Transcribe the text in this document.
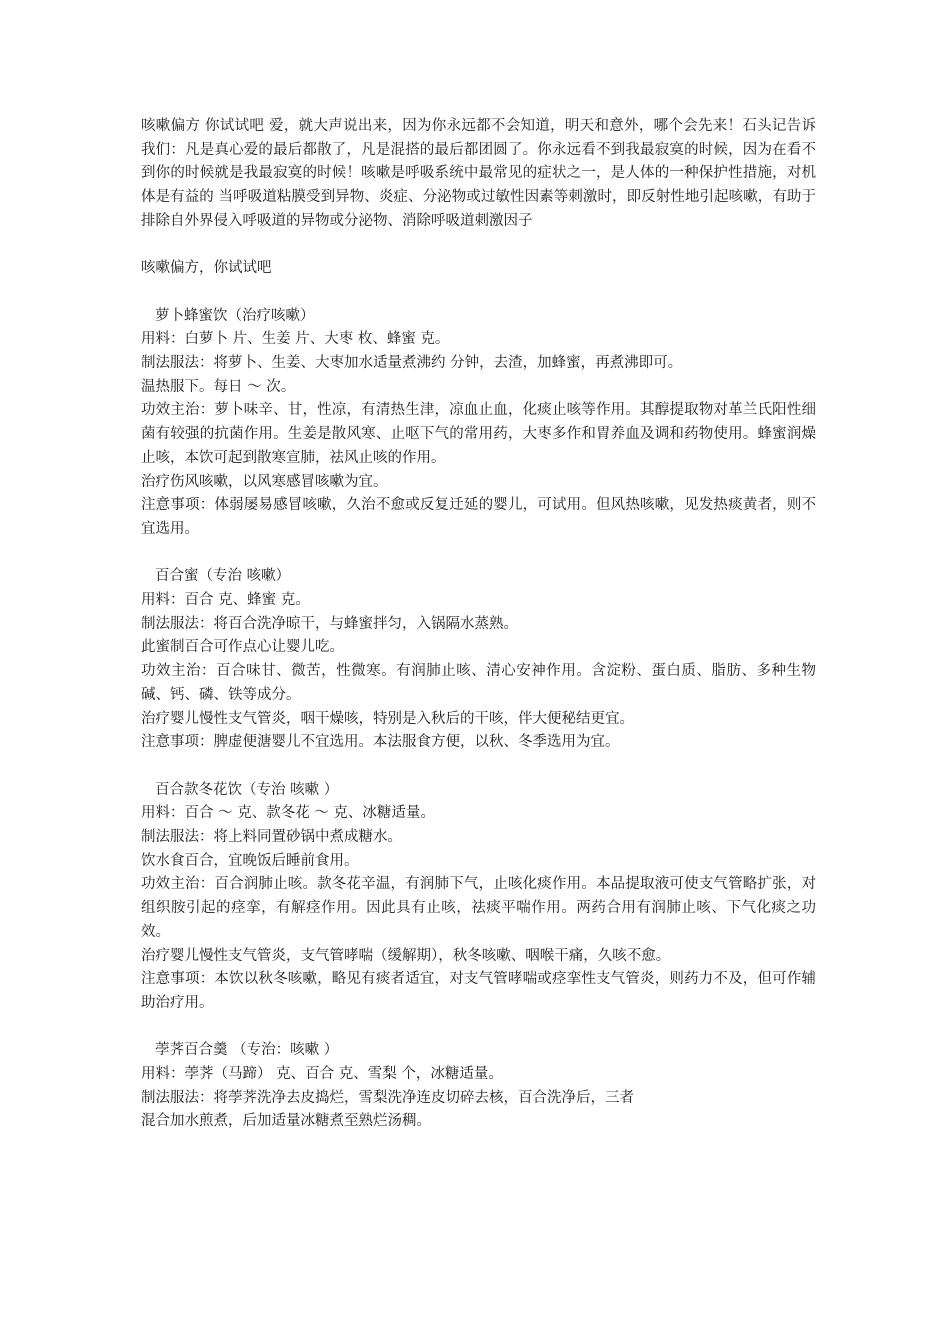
咳嗽偏方 你试试吧 爱，就大声说出来，因为你永远都不会知道，明天和意外，哪个会先来！石头记告诉我们：凡是真心爱的最后都散了，凡是混搭的最后都团圆了。你永远看不到我最寂寞的时候，因为在看不到你的时候就是我最寂寞的时候！咳嗽是呼吸系统中最常见的症状之一，是人体的一种保护性措施，对机体是有益的 当呼吸道粘膜受到异物、炎症、分泌物或过敏性因素等刺激时，即反射性地引起咳嗽，有助于排除自外界侵入呼吸道的异物或分泌物、消除呼吸道刺激因子

咳嗽偏方，你试试吧

萝卜蜂蜜饮（治疗咳嗽）

用料：白萝卜 片、生姜 片、大枣 枚、蜂蜜 克。

制法服法：将萝卜、生姜、大枣加水适量煮沸约 分钟，去渣，加蜂蜜，再煮沸即可。

温热服下。每日 ～ 次。

功效主治：萝卜味辛、甘，性凉，有清热生津，凉血止血，化痰止咳等作用。其醇提取物对革兰氏阳性细菌有较强的抗菌作用。生姜是散风寒、止呕下气的常用药，大枣多作和胃养血及调和药物使用。蜂蜜润燥止咳，本饮可起到散寒宣肺，祛风止咳的作用。

治疗伤风咳嗽，以风寒感冒咳嗽为宜。

注意事项：体弱屡易感冒咳嗽，久治不愈或反复迁延的婴儿，可试用。但风热咳嗽，见发热痰黄者，则不宜选用。

百合蜜（专治 咳嗽）

用料：百合 克、蜂蜜 克。

制法服法：将百合洗净晾干，与蜂蜜拌匀，入锅隔水蒸熟。

此蜜制百合可作点心让婴儿吃。

功效主治：百合味甘、微苦，性微寒。有润肺止咳、清心安神作用。含淀粉、蛋白质、脂肪、多种生物碱、钙、磷、铁等成分。

治疗婴儿慢性支气管炎，咽干燥咳，特别是入秋后的干咳，伴大便秘结更宜。

注意事项：脾虚便溏婴儿不宜选用。本法服食方便，以秋、冬季选用为宜。

百合款冬花饮（专治 咳嗽 ）

用料：百合 ～ 克、款冬花 ～ 克、冰糖适量。

制法服法：将上料同置砂锅中煮成糖水。

饮水食百合，宜晚饭后睡前食用。

功效主治：百合润肺止咳。款冬花辛温，有润肺下气，止咳化痰作用。本品提取液可使支气管略扩张，对组织胺引起的痉挛，有解痉作用。因此具有止咳，祛痰平喘作用。两药合用有润肺止咳、下气化痰之功效。

治疗婴儿慢性支气管炎，支气管哮喘（缓解期），秋冬咳嗽、咽喉干痛，久咳不愈。

注意事项：本饮以秋冬咳嗽，略见有痰者适宜，对支气管哮喘或痉挛性支气管炎，则药力不及，但可作辅助治疗用。

荸荠百合羹 （专治：咳嗽 ）

用料：荸荠（马蹄） 克、百合 克、雪梨 个，冰糖适量。

制法服法：将荸荠洗净去皮捣烂，雪梨洗净连皮切碎去核，百合洗净后，三者

混合加水煎煮，后加适量冰糖煮至熟烂汤稠。
